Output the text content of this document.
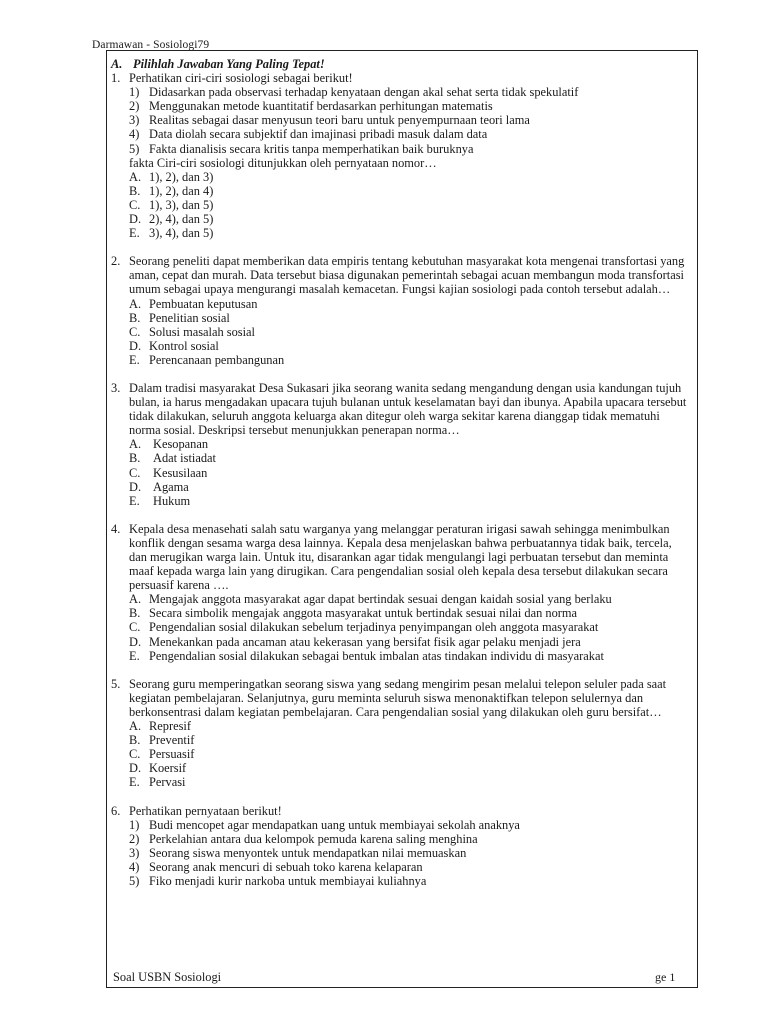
Darmawan - Sosiologi79
A. Pilihlah Jawaban Yang Paling Tepat!
1. Perhatikan ciri-ciri sosiologi sebagai berikut!
1) Didasarkan pada observasi terhadap kenyataan dengan akal sehat serta tidak spekulatif
2) Menggunakan metode kuantitatif berdasarkan perhitungan matematis
3) Realitas sebagai dasar menyusun teori baru untuk penyempurnaan teori lama
4) Data diolah secara subjektif dan imajinasi pribadi masuk dalam data
5) Fakta dianalisis secara kritis tanpa memperhatikan baik buruknya
fakta Ciri-ciri sosiologi ditunjukkan oleh pernyataan nomor…
A. 1), 2), dan 3)
B. 1), 2), dan 4)
C. 1), 3), dan 5)
D. 2), 4), dan 5)
E. 3), 4), dan 5)
2. Seorang peneliti dapat memberikan data empiris tentang kebutuhan masyarakat kota mengenai transfortasi yang aman, cepat dan murah. Data tersebut biasa digunakan pemerintah sebagai acuan membangun moda transfortasi umum sebagai upaya mengurangi masalah kemacetan. Fungsi kajian sosiologi pada contoh tersebut adalah…
A. Pembuatan keputusan
B. Penelitian sosial
C. Solusi masalah sosial
D. Kontrol sosial
E. Perencanaan pembangunan
3. Dalam tradisi masyarakat Desa Sukasari jika seorang wanita sedang mengandung dengan usia kandungan tujuh bulan, ia harus mengadakan upacara tujuh bulanan untuk keselamatan bayi dan ibunya. Apabila upacara tersebut tidak dilakukan, seluruh anggota keluarga akan ditegur oleh warga sekitar karena dianggap tidak mematuhi norma sosial. Deskripsi tersebut menunjukkan penerapan norma…
A. Kesopanan
B.	Adat istiadat
C.	Kesusilaan
D. Agama
E.	Hukum
4. Kepala desa menasehati salah satu warganya yang melanggar peraturan irigasi sawah sehingga menimbulkan konflik dengan sesama warga desa lainnya. Kepala desa menjelaskan bahwa perbuatannya tidak baik, tercela, dan merugikan warga lain. Untuk itu, disarankan agar tidak mengulangi lagi perbuatan tersebut dan meminta maaf kepada warga lain yang dirugikan. Cara pengendalian sosial oleh kepala desa tersebut dilakukan secara persuasif karena ….
A. Mengajak anggota masyarakat agar dapat bertindak sesuai dengan kaidah sosial yang berlaku
B. Secara simbolik mengajak anggota masyarakat untuk bertindak sesuai nilai dan norma
C. Pengendalian sosial dilakukan sebelum terjadinya penyimpangan oleh anggota masyarakat
D. Menekankan pada ancaman atau kekerasan yang bersifat fisik agar pelaku menjadi jera
E. Pengendalian sosial dilakukan sebagai bentuk imbalan atas tindakan individu di masyarakat
5. Seorang guru memperingatkan seorang siswa yang sedang mengirim pesan melalui telepon seluler pada saat kegiatan pembelajaran. Selanjutnya, guru meminta seluruh siswa menonaktifkan telepon selulernya dan berkonsentrasi dalam kegiatan pembelajaran. Cara pengendalian sosial yang dilakukan oleh guru bersifat…
A. Represif
B. Preventif
C. Persuasif
D. Koersif
E. Pervasi
6. Perhatikan pernyataan berikut!
1) Budi mencopet agar mendapatkan uang untuk membiayai sekolah anaknya
2) Perkelahian antara dua kelompok pemuda karena saling menghina
3) Seorang siswa menyontek untuk mendapatkan nilai memuaskan
4) Seorang anak mencuri di sebuah toko karena kelaparan
5) Fiko menjadi kurir narkoba untuk membiayai kuliahnya
Soal USBN Sosiologi	ge 1
